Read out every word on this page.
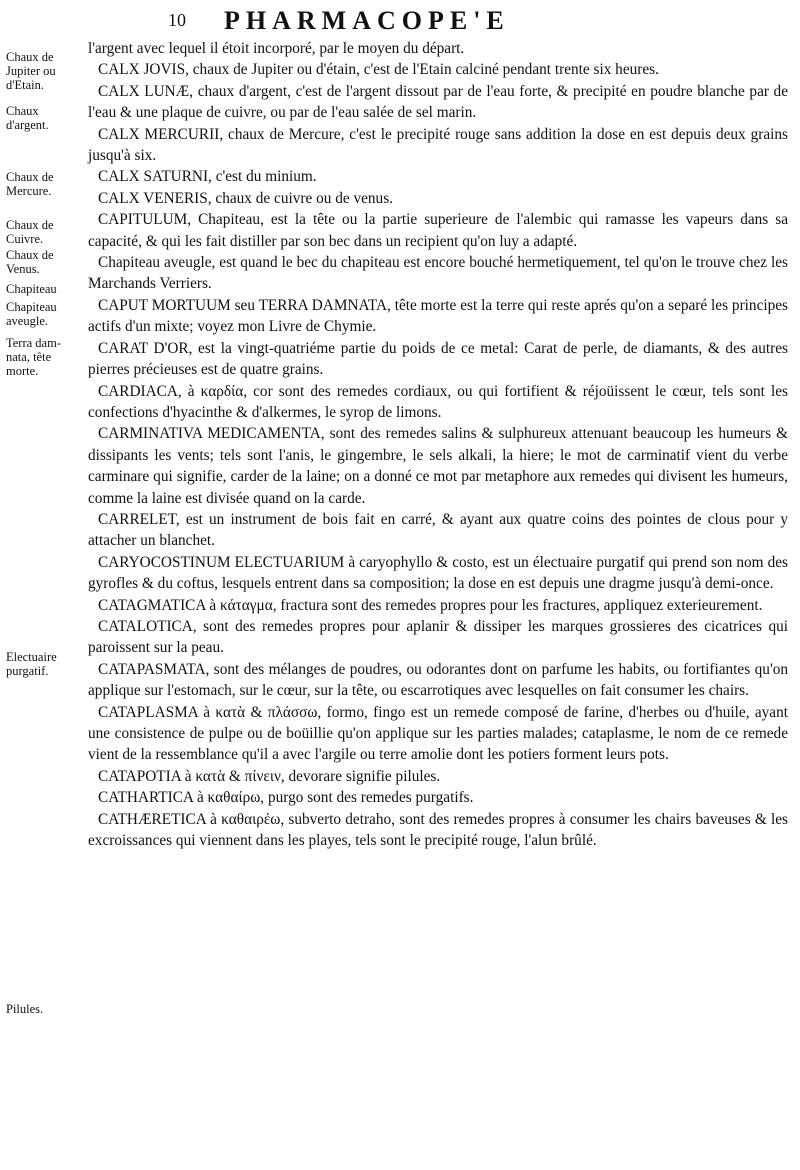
10 PHARMACOPE'E
Chaux de Jupiter ou d'Etain.
Chaux d'argent.
Chaux de Mercure.
Chaux de Cuivre.
Chaux de Venus.
Chapiteau
Chapiteau aveugle.
Terra dam-nata, tête morte.
Electuaire purgatif.
Pilules.

l'argent avec lequel il étoit incorporé, par le moyen du départ.

CALX JOVIS, chaux de Jupiter ou d'étain, c'est de l'Etain calciné pendant trente six heures.

CALX LUNÆ, chaux d'argent, c'est de l'argent dissout par de l'eau forte, & precipité en poudre blanche par de l'eau & une plaque de cuivre, ou par de l'eau salée de sel marin.

CALX MERCURII, chaux de Mercure, c'est le precipité rouge sans addition la dose en est depuis deux grains jusqu'à six.

CALX SATURNI, c'est du minium.

CALX VENERIS, chaux de cuivre ou de venus.

CAPITULUM, Chapiteau, est la tête ou la partie superieure de l'alembic qui ramasse les vapeurs dans sa capacité, & qui les fait distiller par son bec dans un recipient qu'on luy a adapté.

Chapiteau aveugle, est quand le bec du chapiteau est encore bouché hermetiquement, tel qu'on le trouve chez les Marchands Verriers.

CAPUT MORTUUM seu TERRA DAMNATA, tête morte est la terre qui reste aprés qu'on a separé les principes actifs d'un mixte; voyez mon Livre de Chymie.

CARAT D'OR, est la vingt-quatriéme partie du poids de ce metal: Carat de perle, de diamants, & des autres pierres précieuses est de quatre grains.

CARDIACA, à καρδία, cor sont des remedes cordiaux, ou qui fortifient & réjoüissent le cœur, tels sont les confections d'hyacinthe & d'alkermes, le syrop de limons.

CARMINATIVA MEDICAMENTA, sont des remedes salins & sulphureux attenuant beaucoup les humeurs & dissipants les vents; tels sont l'anis, le gingembre, le sels alkali, la hiere; le mot de carminatif vient du verbe carminare qui signifie, carder de la laine; on a donné ce mot par metaphore aux remedes qui divisent les humeurs, comme la laine est divisée quand on la carde.

CARRELET, est un instrument de bois fait en carré, & ayant aux quatre coins des pointes de clous pour y attacher un blanchet.

CARYOCOSTINUM ELECTUARIUM à caryophyllo & costo, est un électuaire purgatif qui prend son nom des gyrofles & du coftus, lesquels entrent dans sa composition; la dose en est depuis une dragme jusqu'à demi-once.

CATAGMATICA à κάταγμα, fractura sont des remedes propres pour les fractures, appliquez exterieurement.

CATALOTICA, sont des remedes propres pour aplanir & dissiper les marques grossieres des cicatrices qui paroissent sur la peau.

CATAPASMATA, sont des mélanges de poudres, ou odorantes dont on parfume les habits, ou fortifiantes qu'on applique sur l'estomach, sur le cœur, sur la tête, ou escarrotiques avec lesquelles on fait consumer les chairs.

CATAPLASMA à κατὰ & πλάσσω, formo, fingo est un remede composé de farine, d'herbes ou d'huile, ayant une consistence de pulpe ou de boüillie qu'on applique sur les parties malades; cataplasme, le nom de ce remede vient de la ressemblance qu'il a avec l'argile ou terre amolie dont les potiers forment leurs pots.

CATAPOTIA à κατὰ & πίνειν, devorare signifie pilules.

CATHARTICA à καθαίρω, purgo sont des remedes purgatifs.

CATHÆRETICA à καθαιρέω, subverto detraho, sont des remedes propres à consumer les chairs baveuses & les excroissances qui viennent dans les playes, tels sont le precipité rouge, l'alun brûlé.
